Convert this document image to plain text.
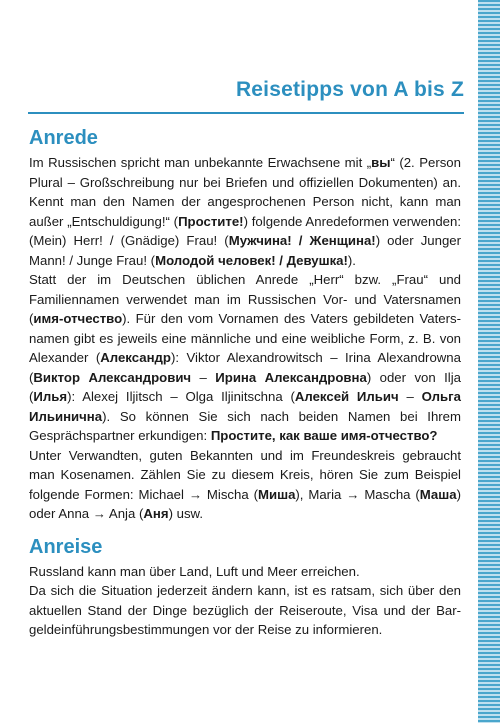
Reisetipps von A bis Z
Anrede

Im Russischen spricht man unbekannte Erwachsene mit „вы“ (2. Person Plural – Großschreibung nur bei Briefen und offiziellen Dokumenten) an. Kennt man den Namen der angesprochenen Person nicht, kann man außer „Entschuldigung!“ (Простите!) folgende Anredeformen verwenden: (Mein) Herr! / (Gnädige) Frau! (Мужчина! / Женщина!) oder Junger Mann! / Junge Frau! (Молодой человек! / Девушка!).

Statt der im Deutschen üblichen Anrede „Herr“ bzw. „Frau“ und Familiennamen verwendet man im Russischen Vor- und Vatersnamen (имя-отчество). Für den vom Vornamen des Vaters gebildeten Vatersnamen gibt es jeweils eine männliche und eine weibliche Form, z. B. von Alexander (Александр): Viktor Alexandrowitsch – Irina Alexandrowna (Виктор Александрович – Ирина Александровна) oder von Ilja (Илья): Alexej Iljitsch – Olga Iljinitschna (Алексей Ильич – Ольга Ильинична). So können Sie sich nach beiden Namen bei Ihrem Gesprächspartner erkundigen: Простите, как ваше имя-отчество?

Unter Verwandten, guten Bekannten und im Freundeskreis gebraucht man Kosenamen. Zählen Sie zu diesem Kreis, hören Sie zum Beispiel folgende Formen: Michael → Mischa (Миша), Maria → Mascha (Маша) oder Anna → Anja (Аня) usw.

Anreise

Russland kann man über Land, Luft und Meer erreichen.

Da sich die Situation jederzeit ändern kann, ist es ratsam, sich über den aktuellen Stand der Dinge bezüglich der Reiseroute, Visa und der Bargeldeinführungsbestimmungen vor der Reise zu informieren.
